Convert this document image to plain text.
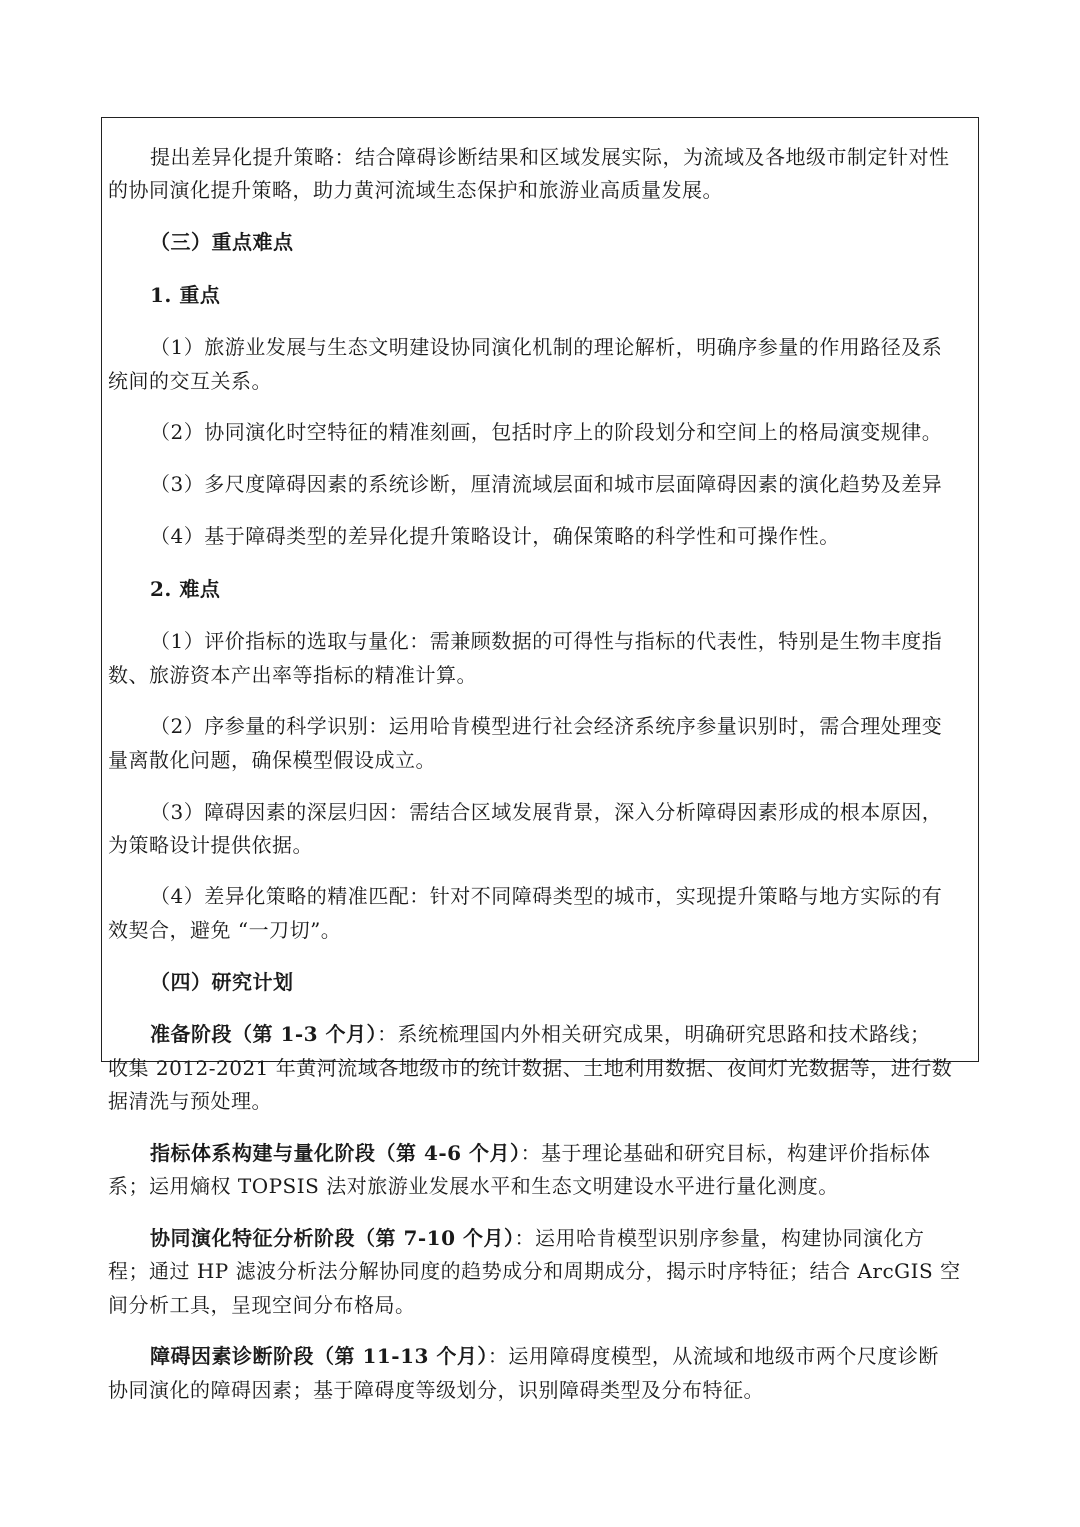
提出差异化提升策略：结合障碍诊断结果和区域发展实际，为流域及各地级市制定针对性

的协同演化提升策略，助力黄河流域生态保护和旅游业高质量发展。

（三）重点难点

1. 重点

（1）旅游业发展与生态文明建设协同演化机制的理论解析，明确序参量的作用路径及系

统间的交互关系。

（2）协同演化时空特征的精准刻画，包括时序上的阶段划分和空间上的格局演变规律。

（3）多尺度障碍因素的系统诊断，厘清流域层面和城市层面障碍因素的演化趋势及差异

（4）基于障碍类型的差异化提升策略设计，确保策略的科学性和可操作性。

2. 难点

（1）评价指标的选取与量化：需兼顾数据的可得性与指标的代表性，特别是生物丰度指

数、旅游资本产出率等指标的精准计算。

（2）序参量的科学识别：运用哈肯模型进行社会经济系统序参量识别时，需合理处理变

量离散化问题，确保模型假设成立。

（3）障碍因素的深层归因：需结合区域发展背景，深入分析障碍因素形成的根本原因，

为策略设计提供依据。

（4）差异化策略的精准匹配：针对不同障碍类型的城市，实现提升策略与地方实际的有

效契合，避免 “一刀切”。

（四）研究计划

准备阶段（第 1-3 个月）：系统梳理国内外相关研究成果，明确研究思路和技术路线；

收集 2012-2021 年黄河流域各地级市的统计数据、土地利用数据、夜间灯光数据等，进行数

据清洗与预处理。

指标体系构建与量化阶段（第 4-6 个月）：基于理论基础和研究目标，构建评价指标体

系；运用熵权 TOPSIS 法对旅游业发展水平和生态文明建设水平进行量化测度。

协同演化特征分析阶段（第 7-10 个月）：运用哈肯模型识别序参量，构建协同演化方

程；通过 HP 滤波分析法分解协同度的趋势成分和周期成分，揭示时序特征；结合 ArcGIS 空

间分析工具，呈现空间分布格局。

障碍因素诊断阶段（第 11-13 个月）：运用障碍度模型，从流域和地级市两个尺度诊断

协同演化的障碍因素；基于障碍度等级划分，识别障碍类型及分布特征。
